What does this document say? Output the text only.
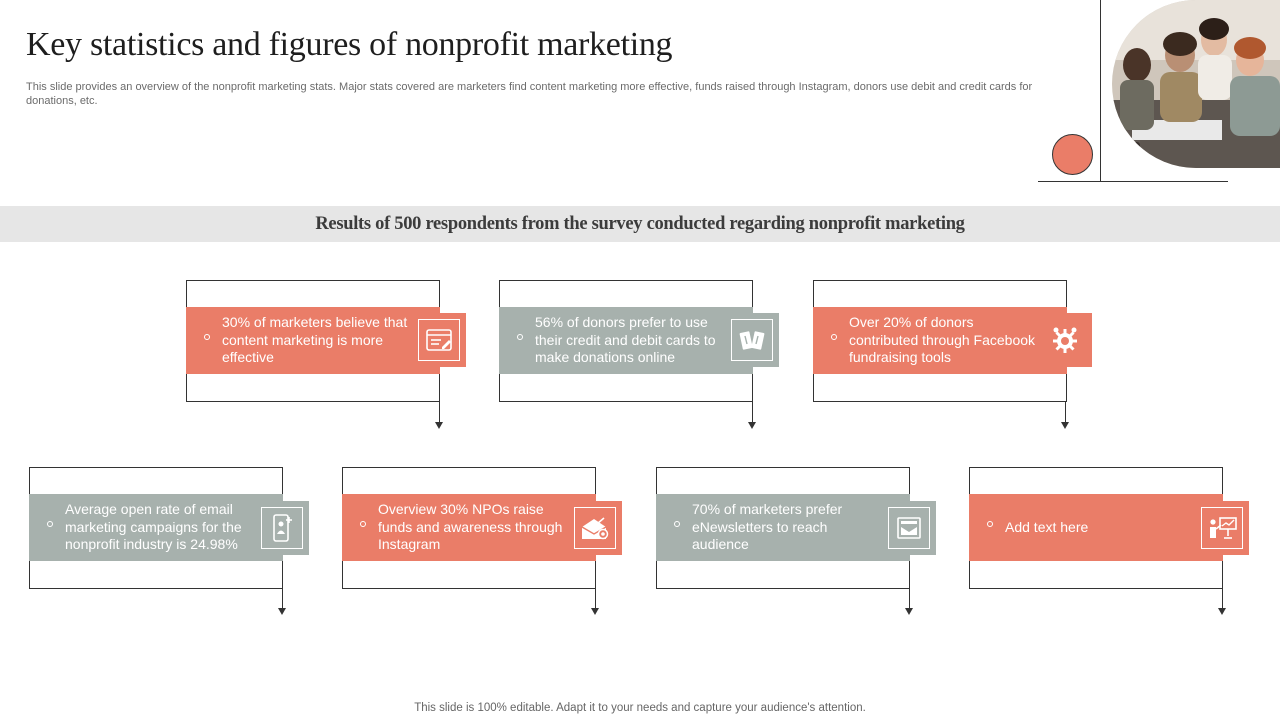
Key statistics and figures of nonprofit marketing

This slide provides an overview of the nonprofit marketing stats. Major stats covered are marketers find content marketing more effective, funds raised through Instagram, donors use debit and credit cards for donations, etc.

Results of 500 respondents from the survey conducted regarding nonprofit marketing
30% of marketers believe that content marketing is more effective
56% of donors prefer to use their credit and debit cards to make donations online
Over 20% of donors contributed through Facebook fundraising tools
Average open rate of email marketing campaigns for the nonprofit industry is 24.98%
Overview 30% NPOs raise funds and awareness through Instagram
70% of marketers prefer eNewsletters to reach audience
Add text here

This slide is 100% editable. Adapt it to your needs and capture your audience's attention.
